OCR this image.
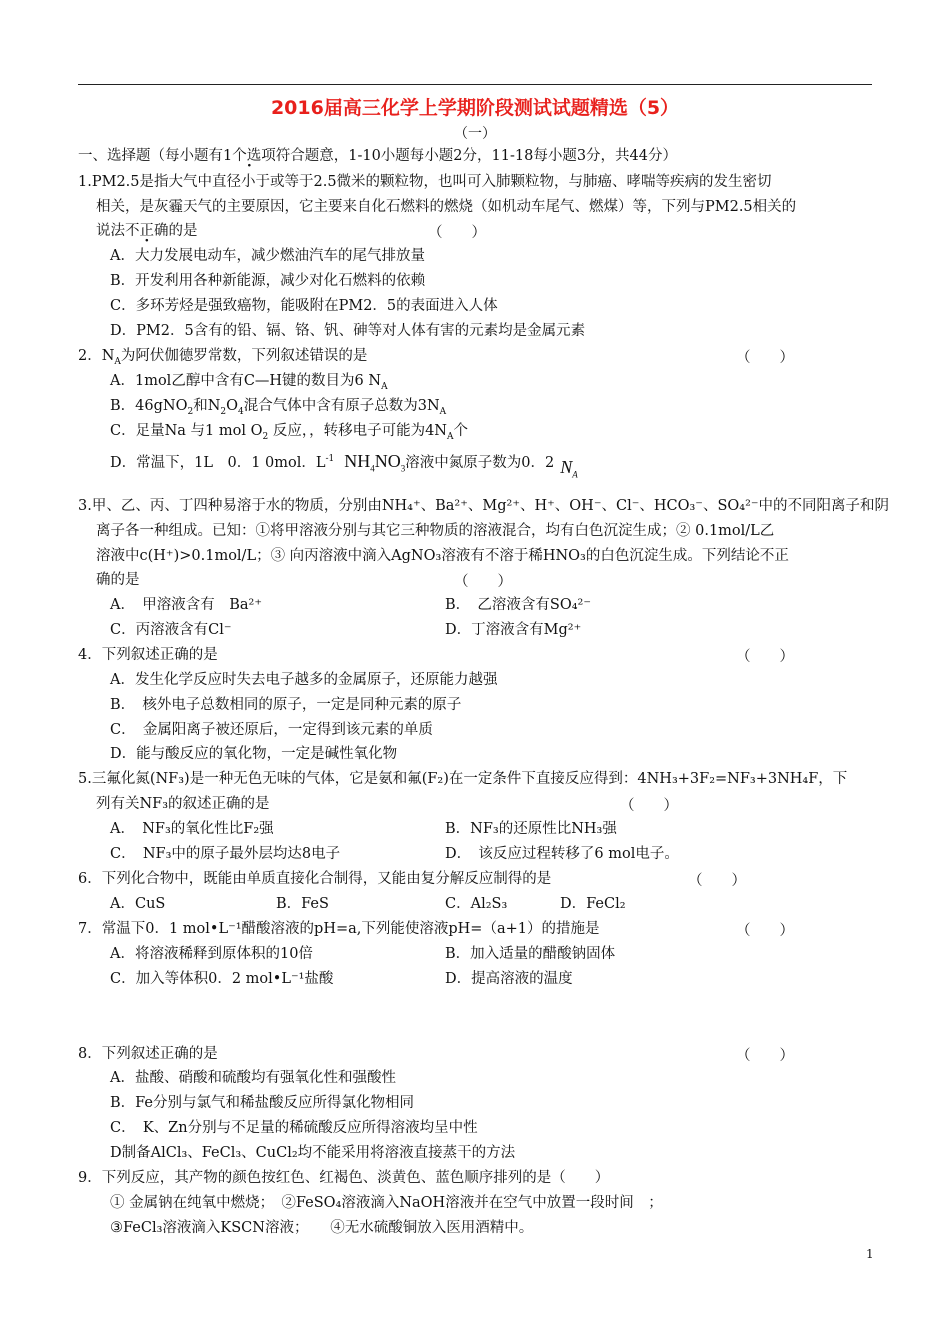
2016届高三化学上学期阶段测试试题精选（5）
（一）
一、选择题（每小题有1个选项 ·符合题意，1-10小题每小题2分，11-18每小题3分，共44分）
1.PM2.5是指大气中直径小于或等于2.5微米的颗粒物，也叫可入肺颗粒物，与肺癌、哮喘等疾病的发生密切
相关，是灰霾天气的主要原因，它主要来自化石燃料的燃烧（如机动车尾气、燃煤）等，下列与PM2.5相关的
说法不正确的是	（　　）
A．大力发展电动车，减少燃油汽车的尾气排放量
B．开发利用各种新能源，减少对化石燃料的依赖
C．多环芳烃是强致癌物，能吸附在PM2．5的表面进入人体
D．PM2．5含有的铅、镉、铬、钒、砷等对人体有害的元素均是金属元素
2．$N_A$为阿伏伽德罗常数，下列叙述错误的是	（　　）
A．1mol乙醇中含有C—H键的数目为6 $N_A$
B．46gNO$_2$和$N_2O_4$混合气体中含有原子总数为$3N_A$
C．足量Na 与1 mol $O_2$ 反应，，转移电子可能为$4N_A$个
D．常温下，1L　0．1 0mol．$L^{-1}$ $NH_4NO_3$溶液中氮原子数为0．2 $N_A$
3.甲、乙、丙、丁四种易溶于水的物质，分别由NH₄⁺、Ba²⁺、Mg²⁺、H⁺、OH⁻、Cl⁻、HCO₃⁻、SO₄²⁻中的不同阳离子和阴
离子各一种组成。已知：①将甲溶液分别与其它三种物质的溶液混合，均有白色沉淀生成；② 0.1mol/L乙
溶液中c(H⁺)>0.1mol/L；③ 向丙溶液中滴入AgNO₃溶液有不溶于稀HNO₃的白色沉淀生成。下列结论不正
确的是	（　　）
A．　甲溶液含有　Ba²⁺	B．　乙溶液含有SO₄²⁻
C．丙溶液含有Cl⁻	D．丁溶液含有Mg²⁺
4．下列叙述正确的是	（　　）
A．发生化学反应时失去电子越多的金属原子，还原能力越强
B．　核外电子总数相同的原子，一定是同种元素的原子
C．　金属阳离子被还原后，一定得到该元素的单质
D．能与酸反应的氧化物，一定是碱性氧化物
5.三氟化氮(NF₃)是一种无色无味的气体，它是氨和氟(F₂)在一定条件下直接反应得到：4NH₃+3F₂=NF₃+3NH₄F，下
列有关NF₃的叙述正确的是	（　　）
A．　NF₃的氧化性比F₂强	B．NF₃的还原性比NH₃强
C．　NF₃中的原子最外层均达8电子	D．　该反应过程转移了6 mol电子。
6．下列化合物中，既能由单质直接化合制得，又能由复分解反应制得的是	（　　）
A．CuS	B．FeS	C．Al₂S₃	D．FeCl₂
7．常温下0．1 mol•L⁻¹醋酸溶液的pH=a,下列能使溶液pH=（a+1）的措施是	（　　）
A．将溶液稀释到原体积的10倍	B．加入适量的醋酸钠固体
C．加入等体积0．2 mol•L⁻¹盐酸	D．提高溶液的温度
8．下列叙述正确的是	（　　）
A．盐酸、硝酸和硫酸均有强氧化性和强酸性
B．Fe分别与氯气和稀盐酸反应所得氯化物相同
C．　K、Zn分别与不足量的稀硫酸反应所得溶液均呈中性
D制备AlCl₃、FeCl₃、CuCl₂均不能采用将溶液直接蒸干的方法
9．下列反应，其产物的颜色按红色、红褐色、淡黄色、蓝色顺序排列的是（　　）
① 金属钠在纯氧中燃烧；　②FeSO₄溶液滴入NaOH溶液并在空气中放置一段时间　；
③FeCl₃溶液滴入KSCN溶液；　　④无水硫酸铜放入医用酒精中。
1
